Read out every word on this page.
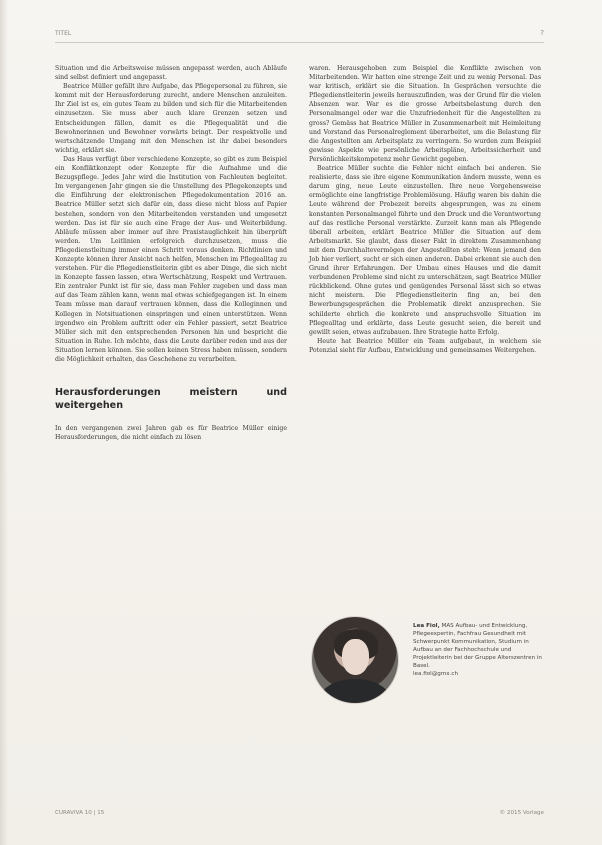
TITEL	?

Situation und die Arbeitsweise müssen angepasst werden, auch Abläufe sind selbst definiert und angepasst.

Beatrice Müller gefällt ihre Aufgabe, das Pflegepersonal zu führen, sie kommt mit der Herausforderung zurecht, andere Menschen anzuleiten. Ihr Ziel ist es, ein gutes Team zu bilden und sich für die Mitarbeitenden einzusetzen. Sie muss aber auch klare Grenzen setzen und Entscheidungen fällen, damit es die Pflegequalität und die Bewohnerinnen und Bewohner vorwärts bringt. Der respektvolle und wertschätzende Umgang mit den Menschen ist ihr dabei besonders wichtig, erklärt sie.

Das Haus verfügt über verschiedene Konzepte, so gibt es zum Beispiel ein Konfliktkonzept oder Konzepte für die Aufnahme und die Bezugspflege. Jedes Jahr wird die Institution von Fachleuten begleitet. Im vergangenen Jahr gingen sie die Umstellung des Pflegekonzepts und die Einführung der elektronischen Pflegedokumentation 2016 an. Beatrice Müller setzt sich dafür ein, dass diese nicht bloss auf Papier bestehen, sondern von den Mitarbeitenden verstanden und umgesetzt werden. Das ist für sie auch eine Frage der Aus- und Weiterbildung. Abläufe müssen aber immer auf ihre Praxistauglichkeit hin überprüft werden. Um Leitlinien erfolgreich durchzusetzen, muss die Pflegedienstleitung immer einen Schritt voraus denken. Richtlinien und Konzepte können ihrer Ansicht nach helfen, Menschen im Pflegealltag zu verstehen. Für die Pflegedienstleiterin gibt es aber Dinge, die sich nicht in Konzepte fassen lassen, etwa Wertschätzung, Respekt und Vertrauen. Ein zentraler Punkt ist für sie, dass man Fehler zugeben und dass man auf das Team zählen kann, wenn mal etwas schiefgegangen ist. In einem Team müsse man darauf vertrauen können, dass die Kolleginnen und Kollegen in Notsituationen einspringen und einen unterstützen. Wenn irgendwo ein Problem auftritt oder ein Fehler passiert, setzt Beatrice Müller sich mit den entsprechenden Personen hin und bespricht die Situation in Ruhe. Ich möchte, dass die Leute darüber reden und aus der Situation lernen können. Sie sollen keinen Stress haben müssen, sondern die Möglichkeit erhalten, das Geschehene zu verarbeiten.

Herausforderungen meistern und weitergehen

In den vergangenen zwei Jahren gab es für Beatrice Müller einige Herausforderungen, die nicht einfach zu lösen

waren. Herausgehoben zum Beispiel die Konflikte zwischen von Mitarbeitenden. Wir hatten eine strenge Zeit und zu wenig Personal. Das war kritisch, erklärt sie die Situation. In Gesprächen versuchte die Pflegedienstleiterin jeweils herauszufinden, was der Grund für die vielen Absenzen war. War es die grosse Arbeitsbelastung durch den Personalmangel oder war die Unzufriedenheit für die Angestellten zu gross? Gemäss hat Beatrice Müller in Zusammenarbeit mit Heimleitung und Vorstand das Personalreglement überarbeitet, um die Belastung für die Angestellten am Arbeitsplatz zu verringern. So wurden zum Beispiel gewisse Aspekte wie persönliche Arbeitspläne, Arbeitssicherheit und Persönlichkeitskompetenz mehr Gewicht gegeben.

Beatrice Müller suchte die Fehler nicht einfach bei anderen. Sie realisierte, dass sie ihre eigene Kommunikation ändern musste, wenn es darum ging, neue Leute einzustellen. Ihre neue Vorgehensweise ermöglichte eine langfristige Problemlösung. Häufig waren bis dahin die Leute während der Probezeit bereits abgesprungen, was zu einem konstanten Personalmangel führte und den Druck und die Verantwortung auf das restliche Personal verstärkte. Zurzeit kann man als Pflegende überall arbeiten, erklärt Beatrice Müller die Situation auf dem Arbeitsmarkt. Sie glaubt, dass dieser Fakt in direktem Zusammenhang mit dem Durchhaltevermögen der Angestellten steht: Wenn jemand den Job hier verliert, sucht er sich einen anderen. Dabei erkennt sie auch den Grund ihrer Erfahrungen. Der Umbau eines Hauses und die damit verbundenen Probleme sind nicht zu unterschätzen, sagt Beatrice Müller rückblickend. Ohne gutes und genügendes Personal lässt sich so etwas nicht meistern. Die Pflegedienstleiterin fing an, bei den Bewerbungsgesprächen die Problematik direkt anzusprechen. Sie schilderte ehrlich die konkrete und anspruchsvolle Situation im Pflegealltag und erklärte, dass Leute gesucht seien, die bereit und gewillt seien, etwas aufzubauen. Ihre Strategie hatte Erfolg.

Heute hat Beatrice Müller ein Team aufgebaut, in welchem sie Potenzial sieht für Aufbau, Entwicklung und gemeinsames Weitergehen.

Lea Fiol, MAS Aufbau- und Entwicklung, Pflegeexpertin, Fachfrau Gesundheit mit Schwerpunkt Kommunikation, Studium in Aufbau an der Fachhochschule und Projektleiterin bei der Gruppe Alterszentren in Basel.
lea.fiol@gmx.ch
CURAVIVA 10 | 15	© 2015 Vorlage
